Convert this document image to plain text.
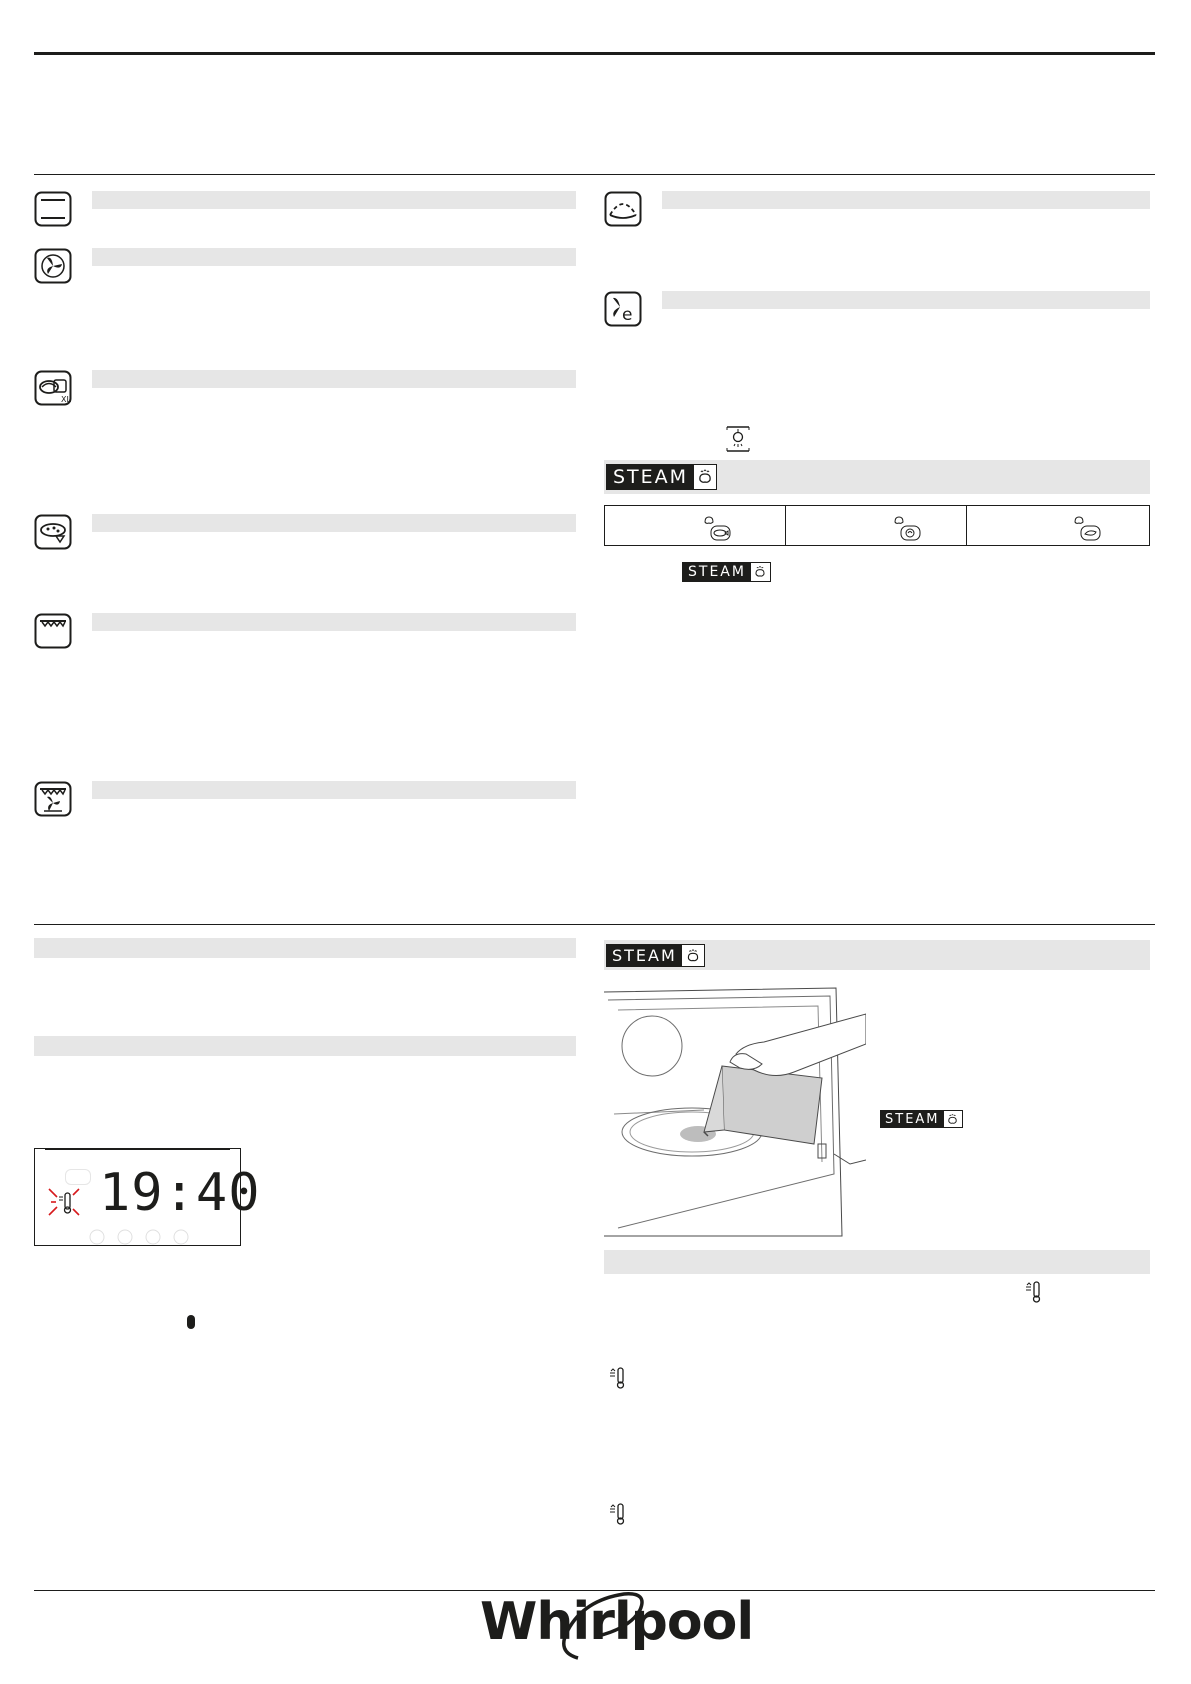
XL
e
STEAM
STEAM
19:40
STEAM
STEAM
Whirlpool
